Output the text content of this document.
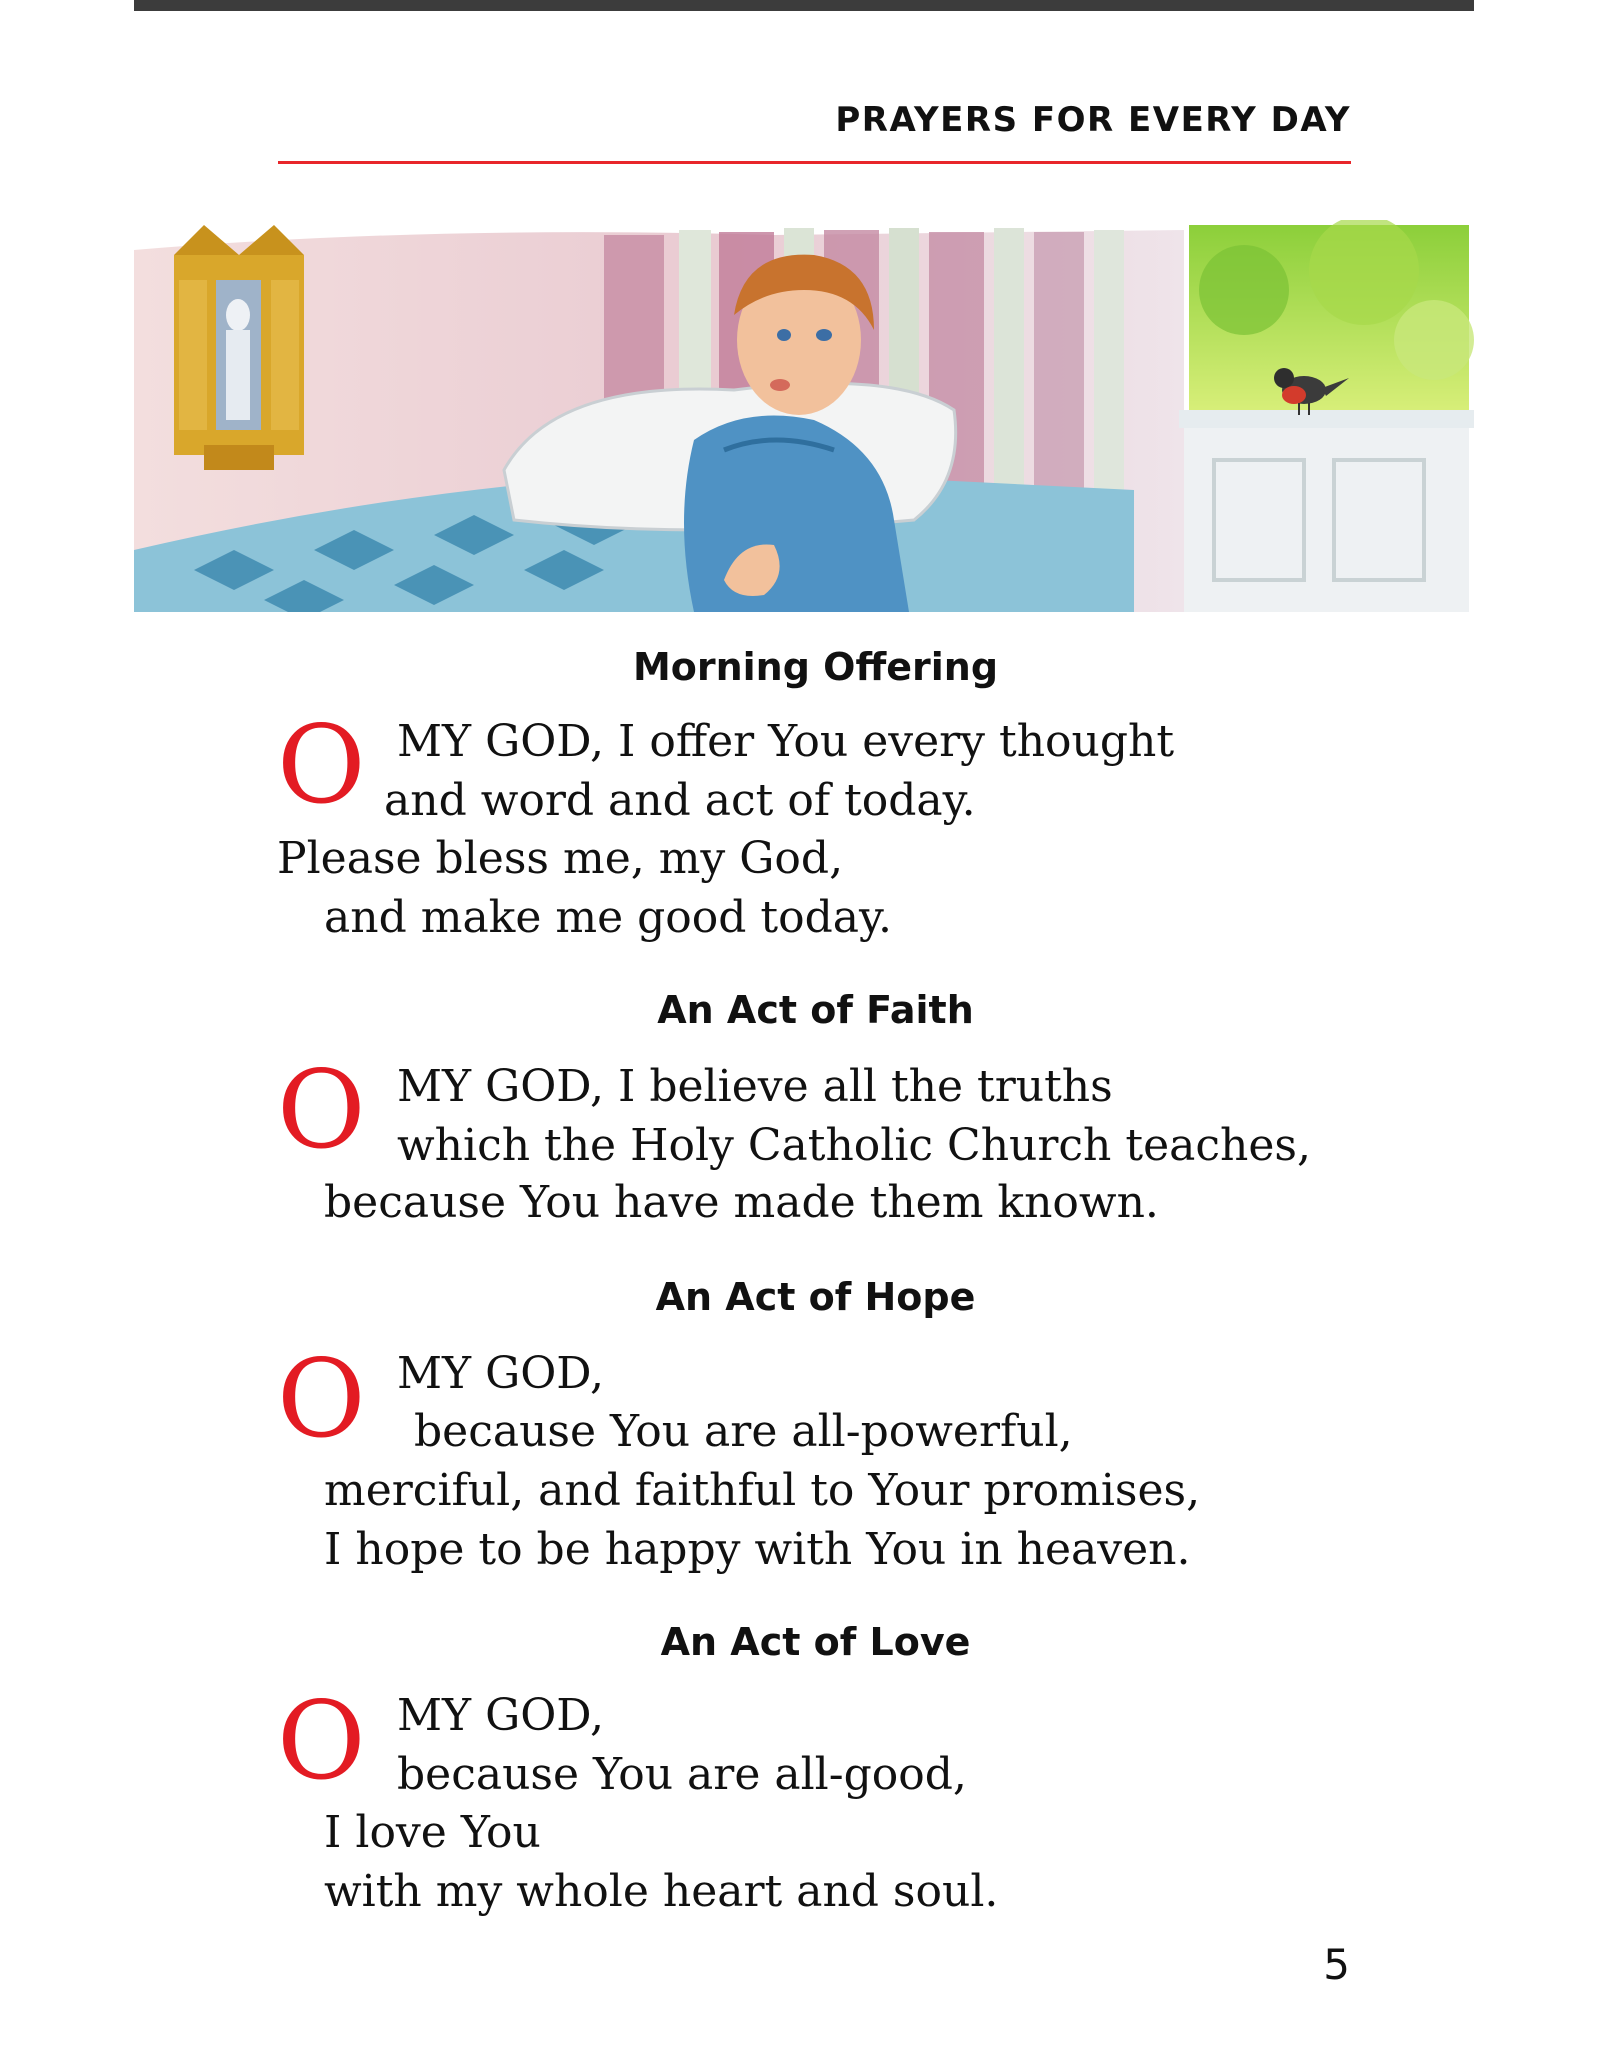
PRAYERS FOR EVERY DAY
Morning Offering
O MY GOD, I offer You every thought
and word and act of today.
Please bless me, my God,
and make me good today.
An Act of Faith
O MY GOD, I believe all the truths
which the Holy Catholic Church teaches,
because You have made them known.
An Act of Hope
O MY GOD,
because You are all-powerful,
merciful, and faithful to Your promises,
I hope to be happy with You in heaven.
An Act of Love
O MY GOD,
because You are all-good,
I love You
with my whole heart and soul.
5
